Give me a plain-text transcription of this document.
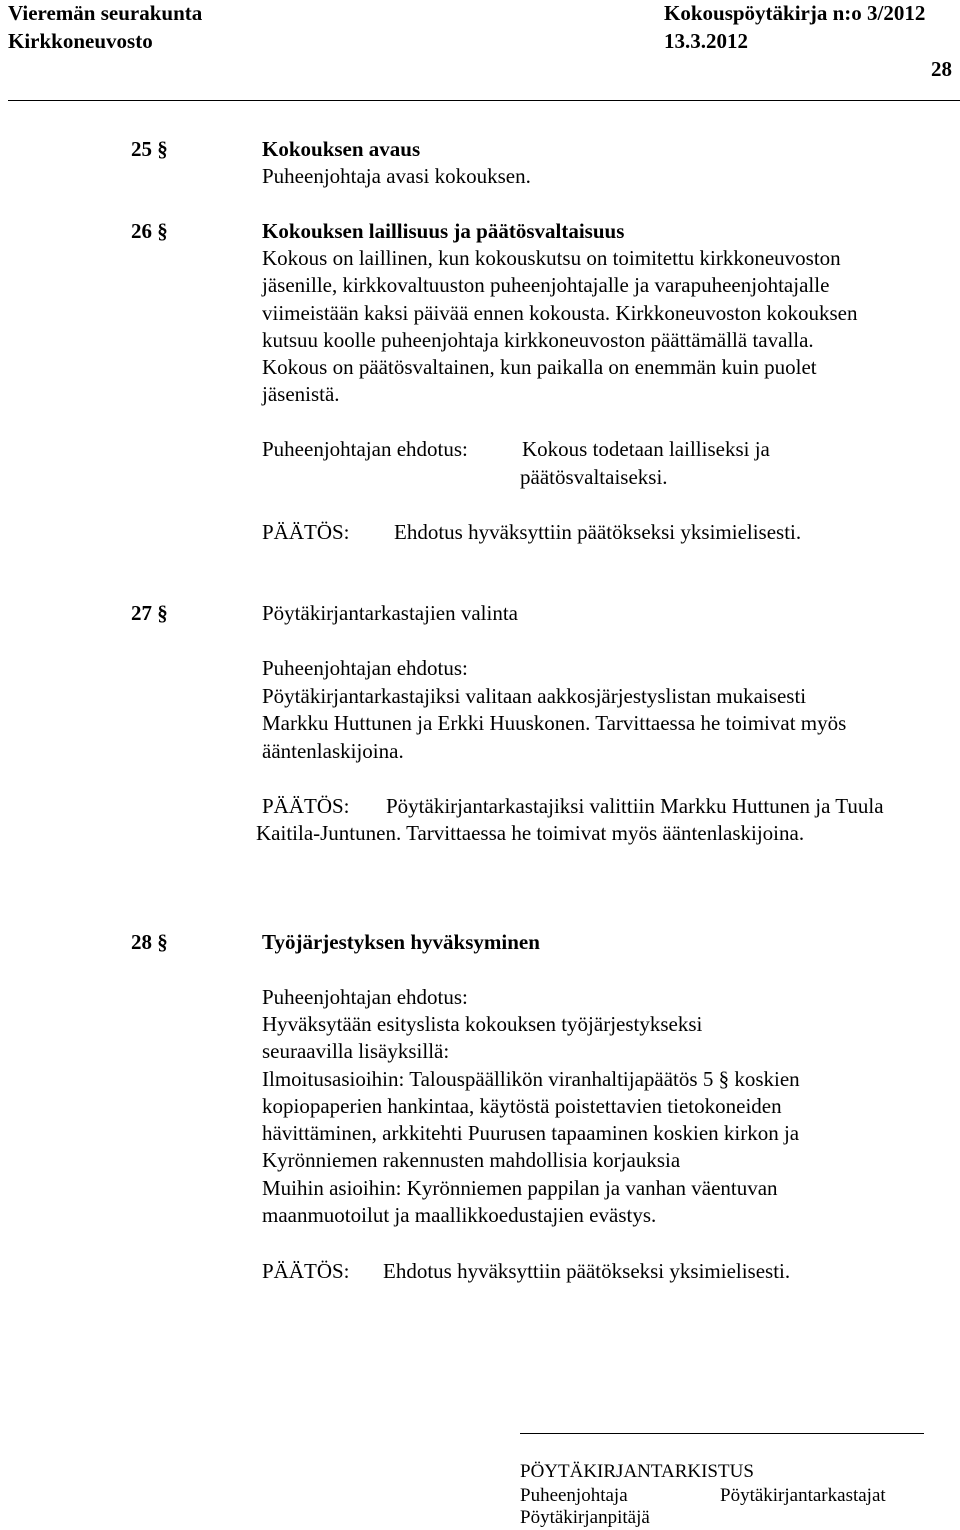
Vieremän seurakunta
Kirkkoneuvosto
Kokouspöytäkirja n:o 3/2012
13.3.2012
28
25 §	Kokouksen avaus
Puheenjohtaja avasi kokouksen.
26 §	Kokouksen laillisuus ja päätösvaltaisuus
Kokous on laillinen, kun kokouskutsu on toimitettu kirkkoneuvoston
jäsenille, kirkkovaltuuston puheenjohtajalle ja varapuheenjohtajalle
viimeistään kaksi päivää ennen kokousta. Kirkkoneuvoston kokouksen
kutsuu koolle puheenjohtaja kirkkoneuvoston päättämällä tavalla.
Kokous on päätösvaltainen, kun paikalla on enemmän kuin puolet
jäsenistä.
Puheenjohtajan ehdotus:	Kokous todetaan lailliseksi ja
päätösvaltaiseksi.
PÄÄTÖS: Ehdotus hyväksyttiin päätökseksi yksimielisesti.
27 §	Pöytäkirjantarkastajien valinta
Puheenjohtajan ehdotus:
Pöytäkirjantarkastajiksi valitaan aakkosjärjestyslistan mukaisesti
Markku Huttunen ja Erkki Huuskonen. Tarvittaessa he toimivat myös
ääntenlaskijoina.
PÄÄTÖS: Pöytäkirjantarkastajiksi valittiin Markku Huttunen ja Tuula
Kaitila-Juntunen. Tarvittaessa he toimivat myös ääntenlaskijoina.
28 §	Työjärjestyksen hyväksyminen
Puheenjohtajan ehdotus:
Hyväksytään esityslista kokouksen työjärjestykseksi
seuraavilla lisäyksillä:
Ilmoitusasioihin: Talouspäällikön viranhaltijapäätös 5 § koskien
kopiopaperien hankintaa, käytöstä poistettavien tietokoneiden
hävittäminen, arkkitehti Puurusen tapaaminen koskien kirkon ja
Kyrönniemen rakennusten mahdollisia korjauksia
Muihin asioihin: Kyrönniemen pappilan ja vanhan väentuvan
maanmuotoilut ja maallikkoedustajien evästys.
PÄÄTÖS: Ehdotus hyväksyttiin päätökseksi yksimielisesti.
PÖYTÄKIRJANTARKISTUS
Puheenjohtaja	Pöytäkirjantarkastajat
Pöytäkirjanpitäjä
